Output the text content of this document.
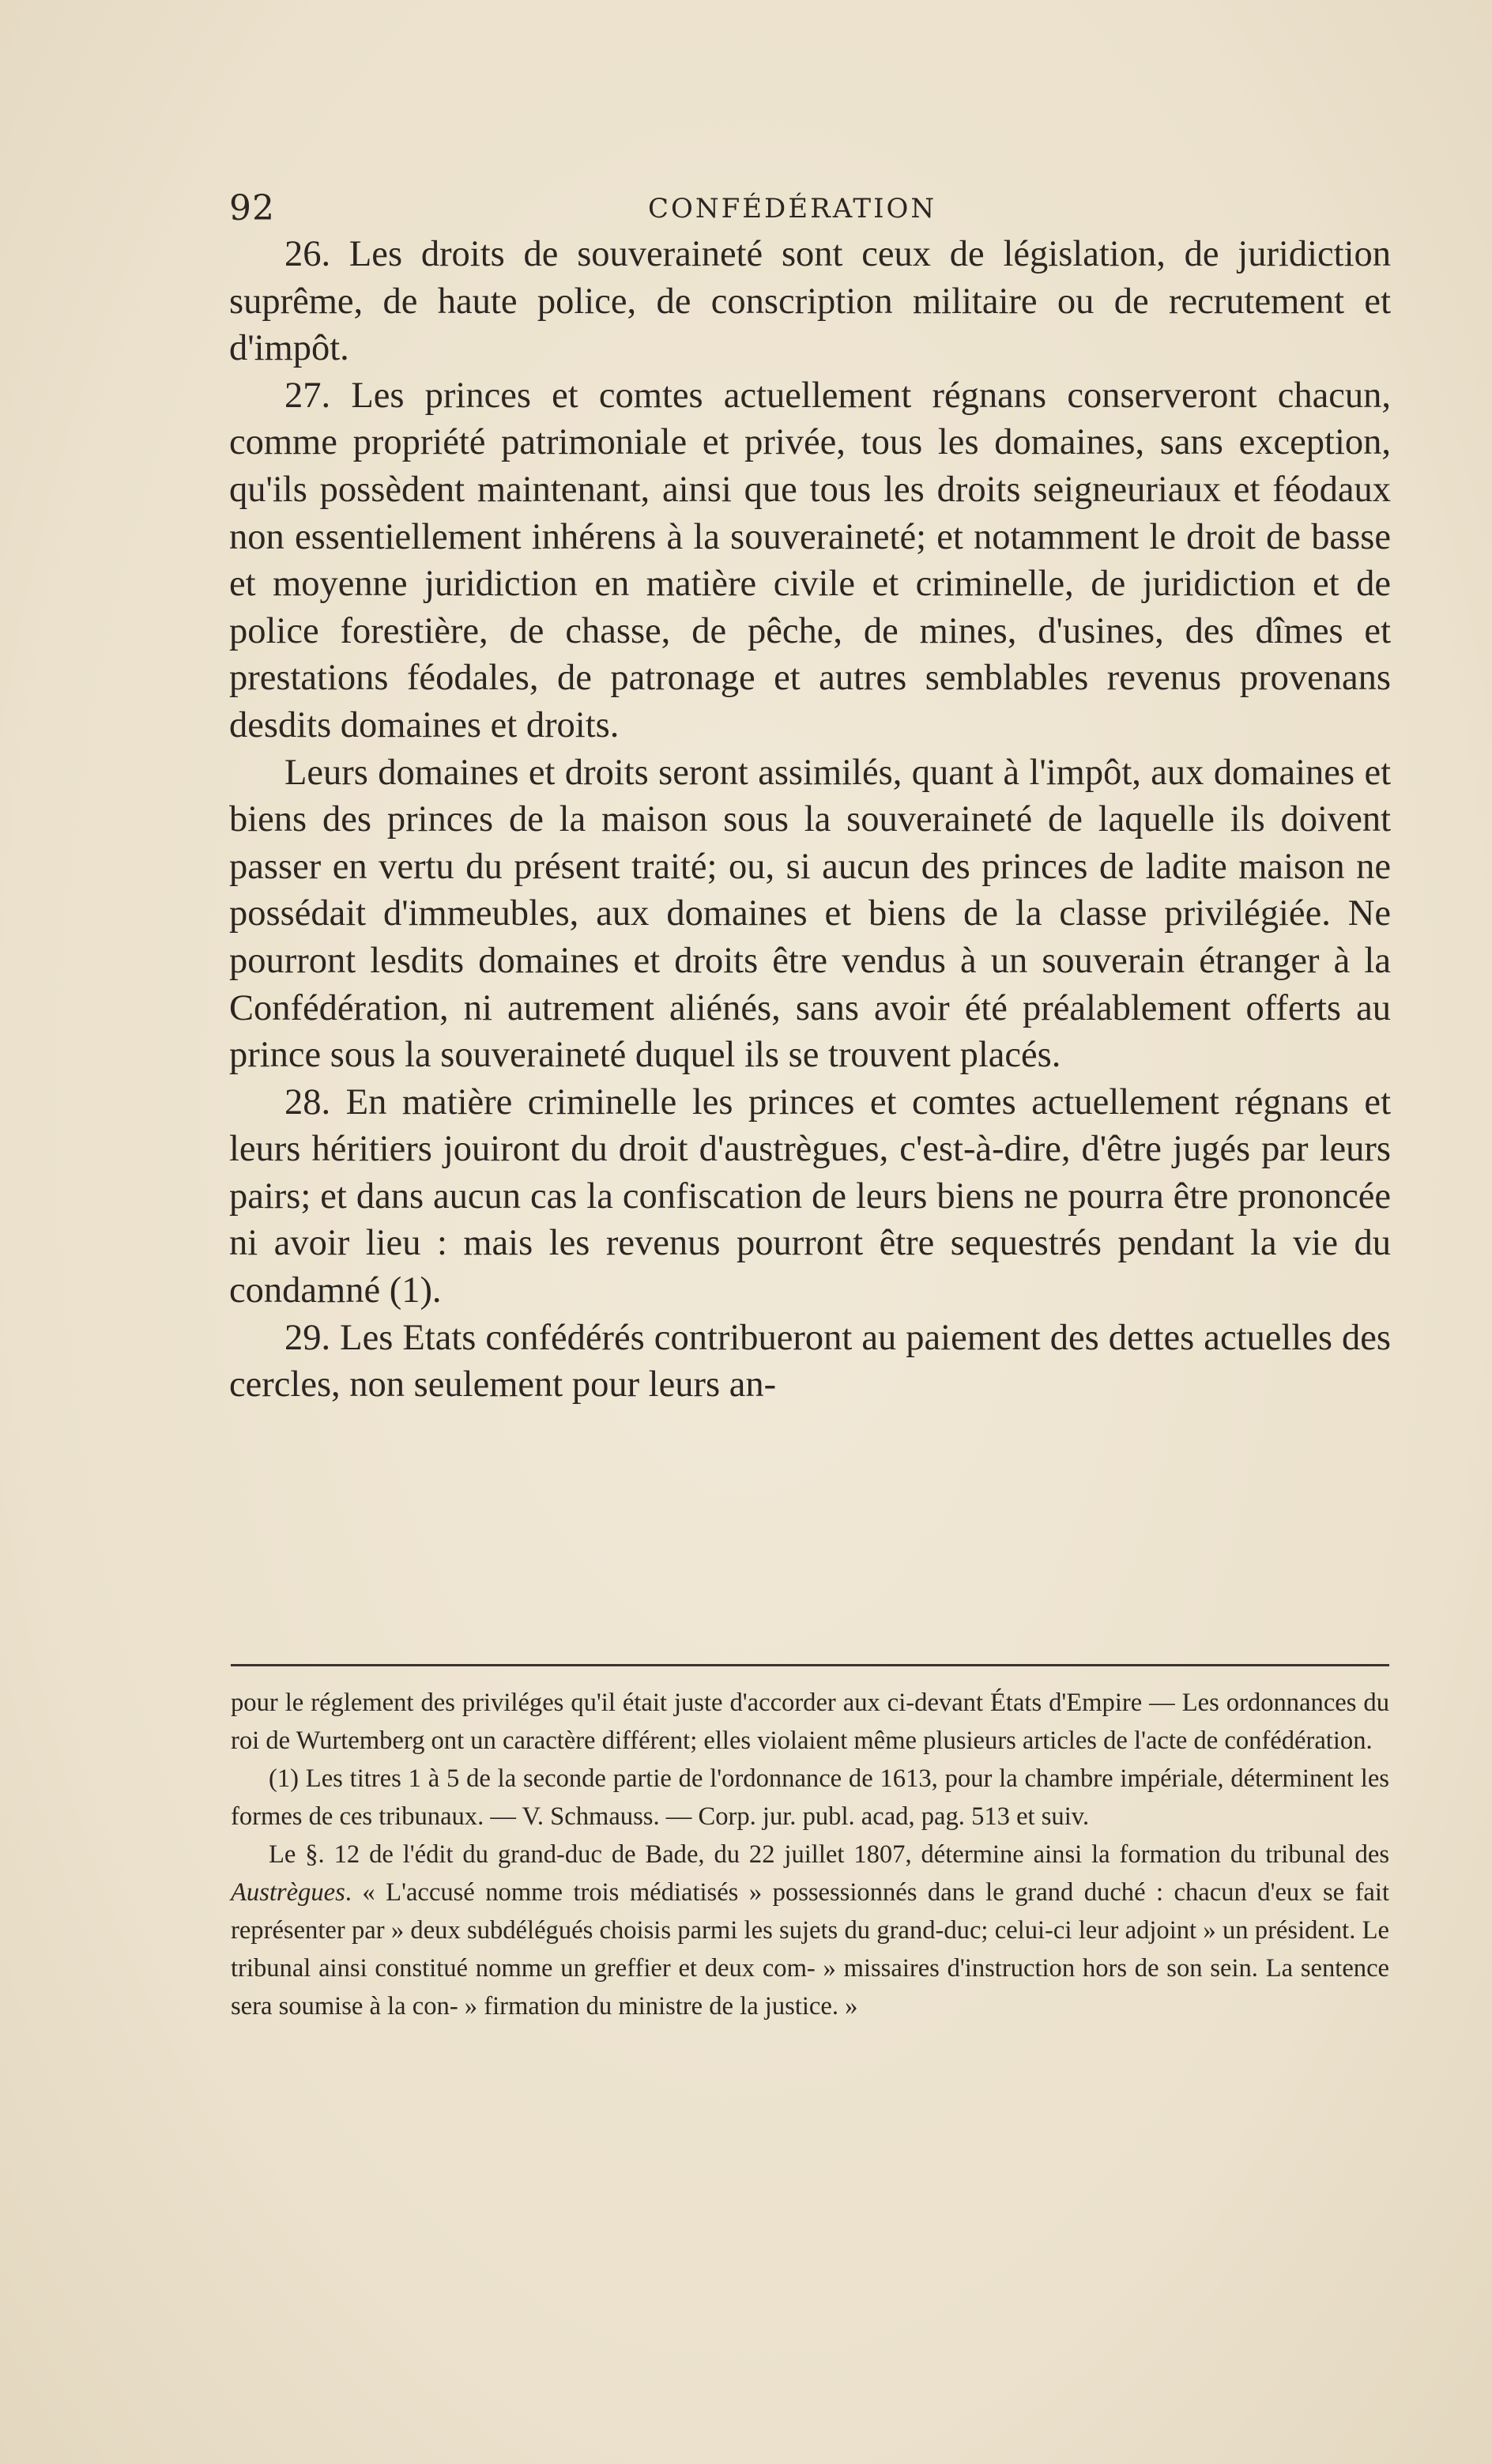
92	CONFÉDÉRATION

26. Les droits de souveraineté sont ceux de législation, de juridiction suprême, de haute police, de conscription militaire ou de recrutement et d'impôt.

27. Les princes et comtes actuellement régnans conserveront chacun, comme propriété patrimoniale et privée, tous les domaines, sans exception, qu'ils possèdent maintenant, ainsi que tous les droits seigneuriaux et féodaux non essentiellement inhérens à la souveraineté; et notamment le droit de basse et moyenne juridiction en matière civile et criminelle, de juridiction et de police forestière, de chasse, de pêche, de mines, d'usines, des dîmes et prestations féodales, de patronage et autres semblables revenus provenans desdits domaines et droits.

Leurs domaines et droits seront assimilés, quant à l'impôt, aux domaines et biens des princes de la maison sous la souveraineté de laquelle ils doivent passer en vertu du présent traité; ou, si aucun des princes de ladite maison ne possédait d'immeubles, aux domaines et biens de la classe privilégiée. Ne pourront lesdits domaines et droits être vendus à un souverain étranger à la Confédération, ni autrement aliénés, sans avoir été préalablement offerts au prince sous la souveraineté duquel ils se trouvent placés.

28. En matière criminelle les princes et comtes actuellement régnans et leurs héritiers jouiront du droit d'austrègues, c'est-à-dire, d'être jugés par leurs pairs; et dans aucun cas la confiscation de leurs biens ne pourra être prononcée ni avoir lieu : mais les revenus pourront être sequestrés pendant la vie du condamné (1).

29. Les Etats confédérés contribueront au paiement des dettes actuelles des cercles, non seulement pour leurs an-

pour le réglement des priviléges qu'il était juste d'accorder aux ci-devant États d'Empire — Les ordonnances du roi de Wurtemberg ont un caractère différent; elles violaient même plusieurs articles de l'acte de confédération.

(1) Les titres 1 à 5 de la seconde partie de l'ordonnance de 1613, pour la chambre impériale, déterminent les formes de ces tribunaux. — V. Schmauss. — Corp. jur. publ. acad, pag. 513 et suiv.

Le §. 12 de l'édit du grand-duc de Bade, du 22 juillet 1807, détermine ainsi la formation du tribunal des Austrègues. « L'accusé nomme trois médiatisés » possessionnés dans le grand duché : chacun d'eux se fait représenter par » deux subdélégués choisis parmi les sujets du grand-duc; celui-ci leur adjoint » un président. Le tribunal ainsi constitué nomme un greffier et deux com- » missaires d'instruction hors de son sein. La sentence sera soumise à la con- » firmation du ministre de la justice. »
